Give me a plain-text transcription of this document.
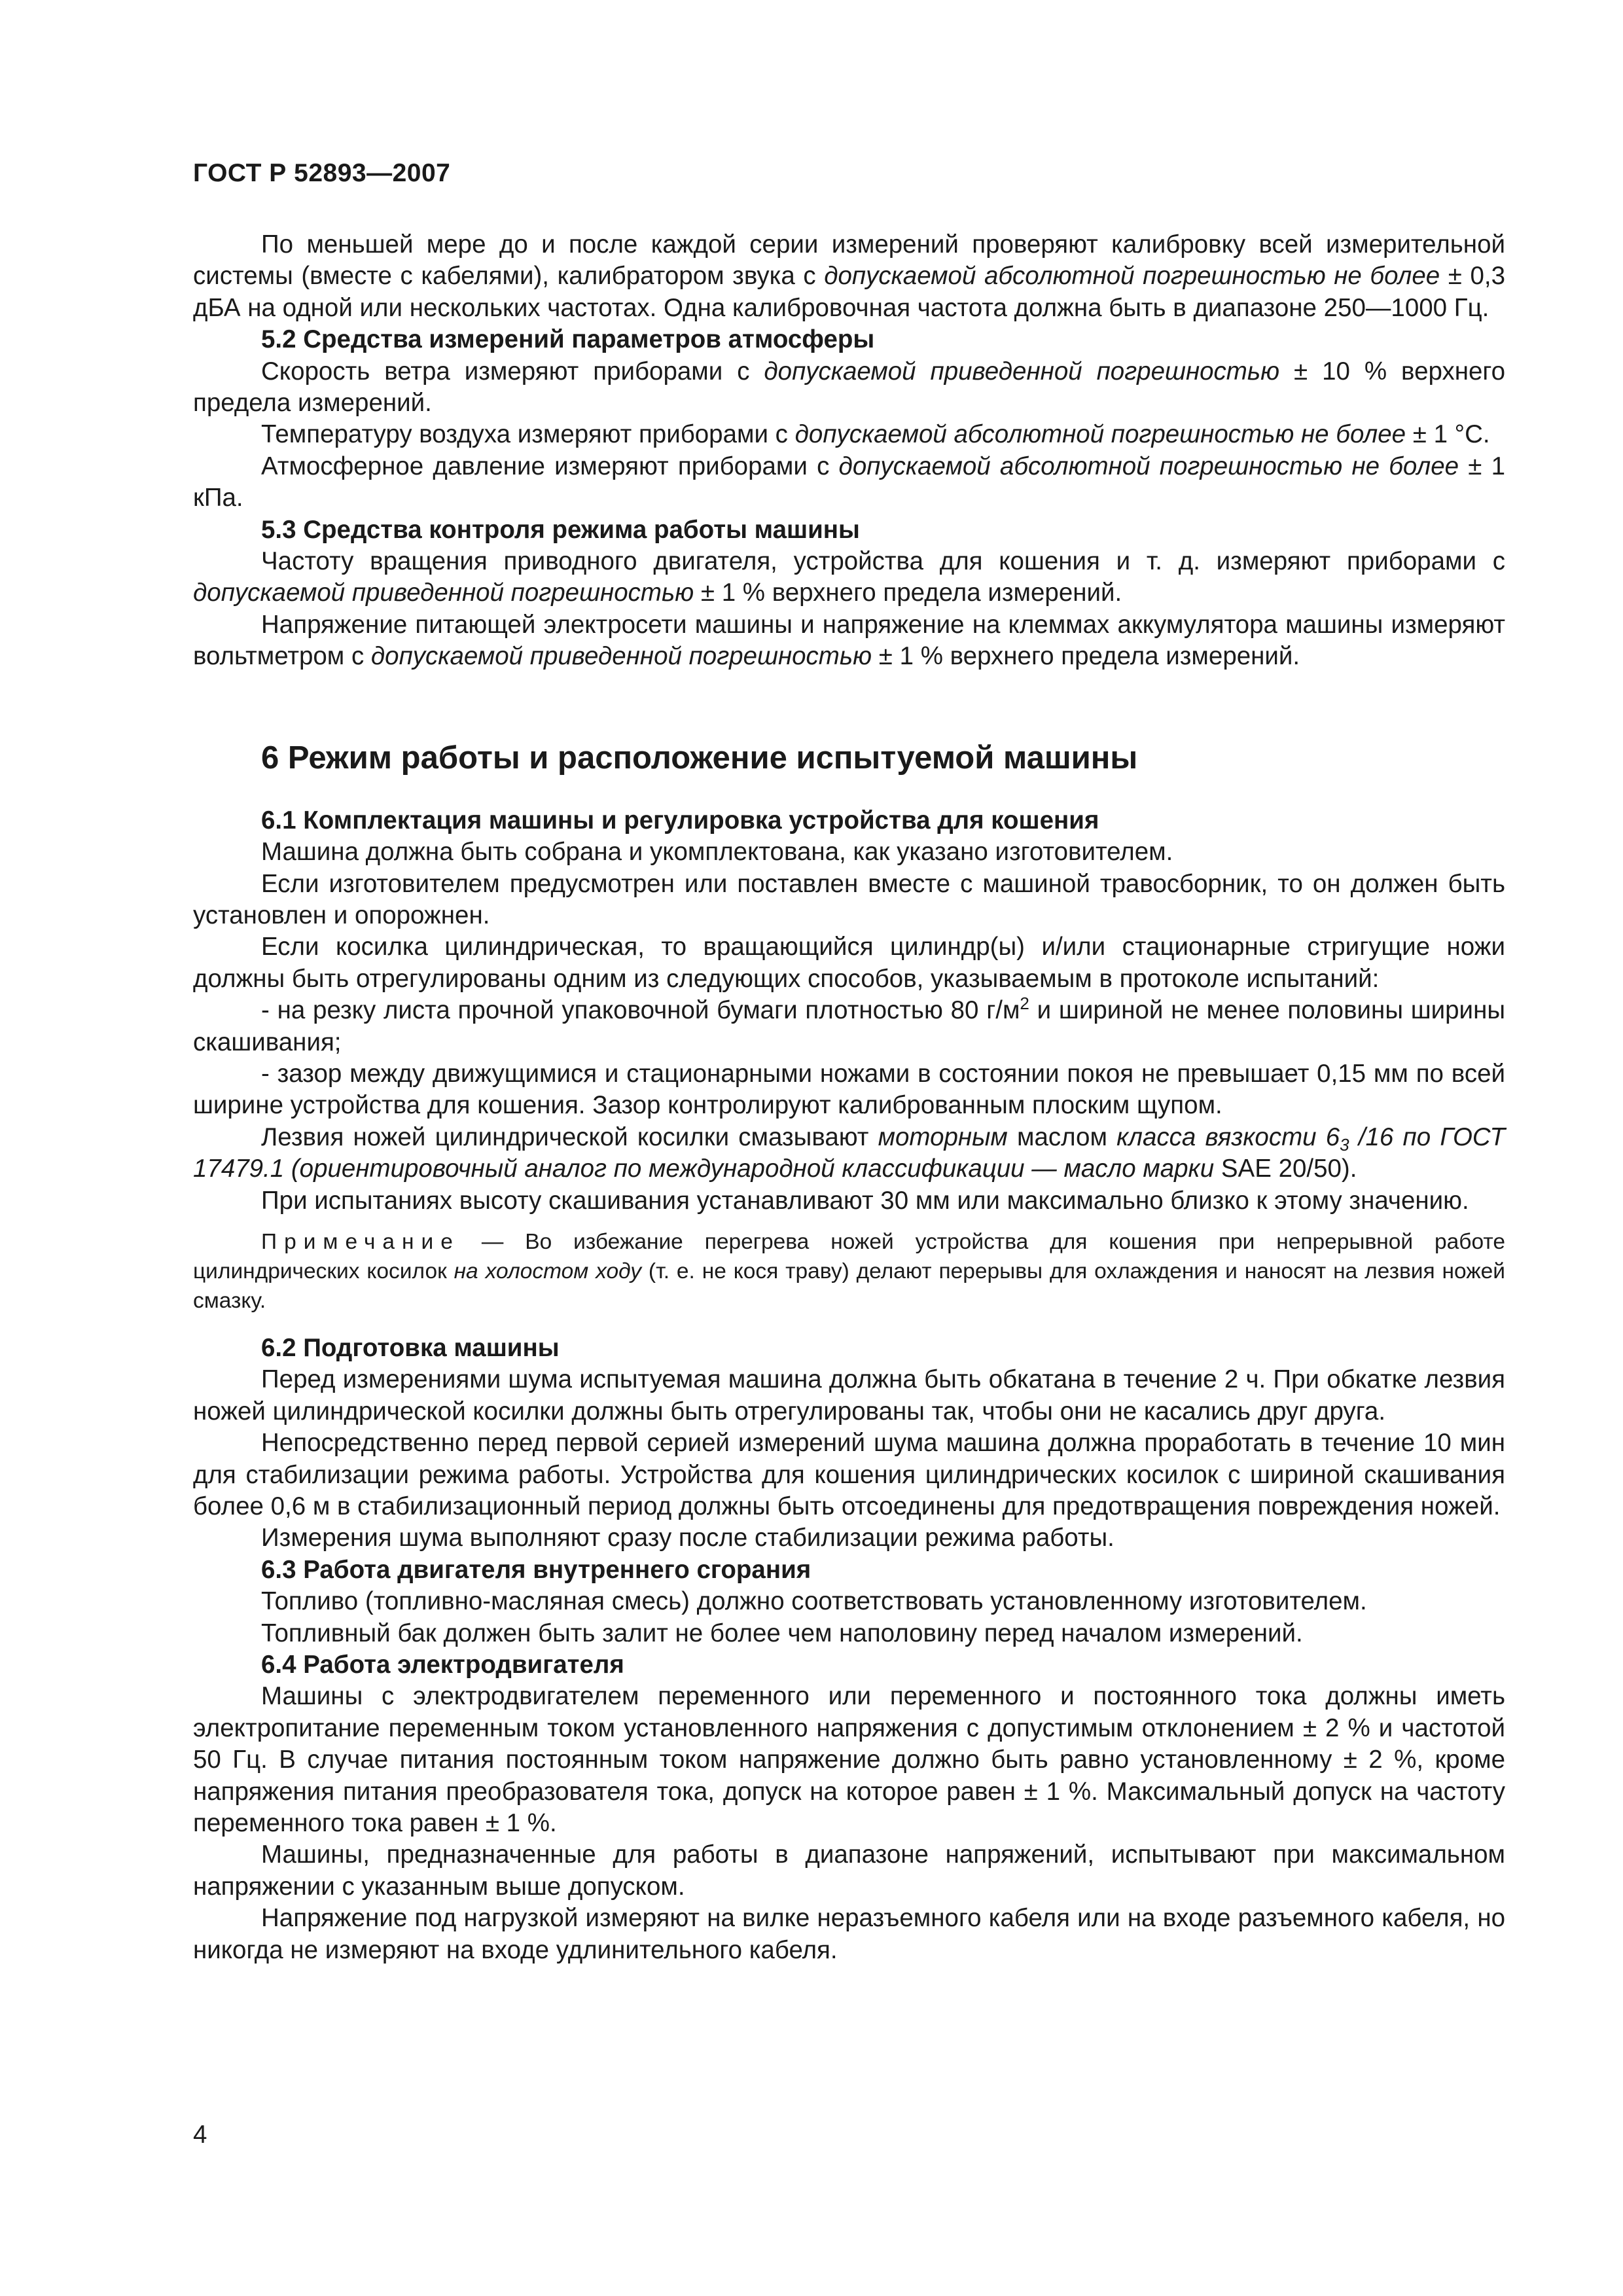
ГОСТ Р 52893—2007

По меньшей мере до и после каждой серии измерений проверяют калибровку всей измерительной системы (вместе с кабелями), калибратором звука с допускаемой абсолютной погрешностью не более ± 0,3 дБА на одной или нескольких частотах. Одна калибровочная частота должна быть в диапазоне 250—1000 Гц.

5.2 Средства измерений параметров атмосферы

Скорость ветра измеряют приборами с допускаемой приведенной погрешностью ± 10 % верхнего предела измерений.

Температуру воздуха измеряют приборами с допускаемой абсолютной погрешностью не более ± 1 °С.

Атмосферное давление измеряют приборами с допускаемой абсолютной погрешностью не более ± 1 кПа.

5.3 Средства контроля режима работы машины

Частоту вращения приводного двигателя, устройства для кошения и т. д. измеряют приборами с допускаемой приведенной погрешностью ± 1 % верхнего предела измерений.

Напряжение питающей электросети машины и напряжение на клеммах аккумулятора машины измеряют вольтметром с допускаемой приведенной погрешностью ± 1 % верхнего предела измерений.

6 Режим работы и расположение испытуемой машины
6.1 Комплектация машины и регулировка устройства для кошения

Машина должна быть собрана и укомплектована, как указано изготовителем.

Если изготовителем предусмотрен или поставлен вместе с машиной травосборник, то он должен быть установлен и опорожнен.

Если косилка цилиндрическая, то вращающийся цилиндр(ы) и/или стационарные стригущие ножи должны быть отрегулированы одним из следующих способов, указываемым в протоколе испытаний:

- на резку листа прочной упаковочной бумаги плотностью 80 $г/м^2$ и шириной не менее половины ширины скашивания;

- зазор между движущимися и стационарными ножами в состоянии покоя не превышает 0,15 мм по всей ширине устройства для кошения. Зазор контролируют калиброванным плоским щупом.

Лезвия ножей цилиндрической косилки смазывают моторным маслом класса вязкости $6_3$ /16 по ГОСТ 17479.1 (ориентировочный аналог по международной классификации — масло марки SAE 20/50).

При испытаниях высоту скашивания устанавливают 30 мм или максимально близко к этому значению.

Примечание — Во избежание перегрева ножей устройства для кошения при непрерывной работе цилиндрических косилок на холостом ходу (т. е. не кося траву) делают перерывы для охлаждения и наносят на лезвия ножей смазку.
6.2 Подготовка машины

Перед измерениями шума испытуемая машина должна быть обкатана в течение 2 ч. При обкатке лезвия ножей цилиндрической косилки должны быть отрегулированы так, чтобы они не касались друг друга.

Непосредственно перед первой серией измерений шума машина должна проработать в течение 10 мин для стабилизации режима работы. Устройства для кошения цилиндрических косилок с шириной скашивания более 0,6 м в стабилизационный период должны быть отсоединены для предотвращения повреждения ножей.

Измерения шума выполняют сразу после стабилизации режима работы.

6.3 Работа двигателя внутреннего сгорания

Топливо (топливно-масляная смесь) должно соответствовать установленному изготовителем.

Топливный бак должен быть залит не более чем наполовину перед началом измерений.

6.4 Работа электродвигателя

Машины с электродвигателем переменного или переменного и постоянного тока должны иметь электропитание переменным током установленного напряжения с допустимым отклонением ± 2 % и частотой 50 Гц. В случае питания постоянным током напряжение должно быть равно установленному ± 2 %, кроме напряжения питания преобразователя тока, допуск на которое равен ± 1 %. Максимальный допуск на частоту переменного тока равен ± 1 %.

Машины, предназначенные для работы в диапазоне напряжений, испытывают при максимальном напряжении с указанным выше допуском.

Напряжение под нагрузкой измеряют на вилке неразъемного кабеля или на входе разъемного кабеля, но никогда не измеряют на входе удлинительного кабеля.

4
